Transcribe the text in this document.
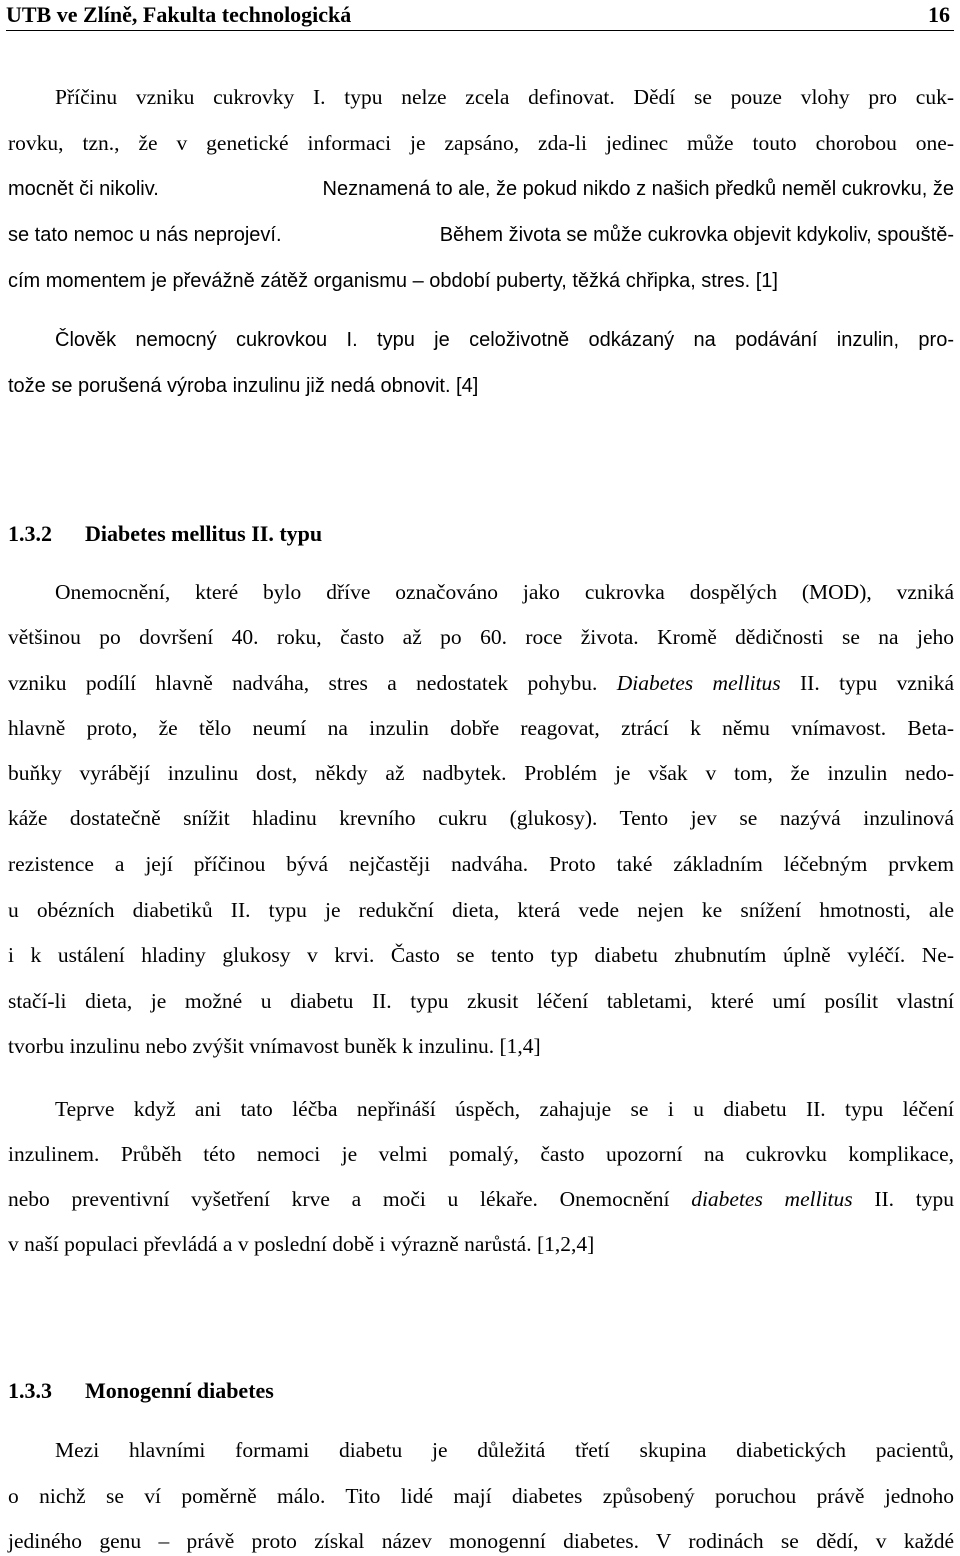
UTB ve Zlíně, Fakulta technologická	16
Příčinu vzniku cukrovky I. typu nelze zcela definovat. Dědí se pouze vlohy pro cuk-
rovku, tzn., že v genetické informaci je zapsáno, zda-li jedinec může touto chorobou one-
mocnět či nikoliv.	Neznamená to ale, že pokud nikdo z našich předků neměl cukrovku, že
se tato nemoc u nás neprojeví.	Během života se může cukrovka objevit kdykoliv, spouště-
cím momentem je převážně zátěž organismu – období puberty, těžká chřipka, stres. [1]
Člověk nemocný cukrovkou I. typu je celoživotně odkázaný na podávání inzulin, pro-
tože se porušená výroba inzulinu již nedá obnovit. [4]
1.3.2 Diabetes mellitus II. typu
Onemocnění, které bylo dříve označováno jako cukrovka dospělých (MOD), vzniká
většinou po dovršení 40. roku, často až po 60. roce života. Kromě dědičnosti se na jeho
vzniku podílí hlavně nadváha, stres a nedostatek pohybu. Diabetes mellitus II. typu vzniká
hlavně proto, že tělo neumí na inzulin dobře reagovat, ztrácí k němu vnímavost. Beta-
buňky vyrábějí inzulinu dost, někdy až nadbytek. Problém je však v tom, že inzulin nedo-
káže dostatečně snížit hladinu krevního cukru (glukosy). Tento jev se nazývá inzulinová
rezistence a její příčinou bývá nejčastěji nadváha. Proto také základním léčebným prvkem
u obézních diabetiků II. typu je redukční dieta, která vede nejen ke snížení hmotnosti, ale
i k ustálení hladiny glukosy v krvi. Často se tento typ diabetu zhubnutím úplně vyléčí. Ne-
stačí-li dieta, je možné u diabetu II. typu zkusit léčení tabletami, které umí posílit vlastní
tvorbu inzulinu nebo zvýšit vnímavost buněk k inzulinu. [1,4]
Teprve když ani tato léčba nepřináší úspěch, zahajuje se i u diabetu II. typu léčení
inzulinem. Průběh této nemoci je velmi pomalý, často upozorní na cukrovku komplikace,
nebo preventivní vyšetření krve a moči u lékaře. Onemocnění diabetes mellitus II. typu
v naší populaci převládá a v poslední době i výrazně narůstá. [1,2,4]
1.3.3 Monogenní diabetes
Mezi hlavními formami diabetu je důležitá třetí skupina diabetických pacientů,
o nichž se ví poměrně málo. Tito lidé mají diabetes způsobený poruchou právě jednoho
jediného genu – právě proto získal název monogenní diabetes. V rodinách se dědí, v každé
